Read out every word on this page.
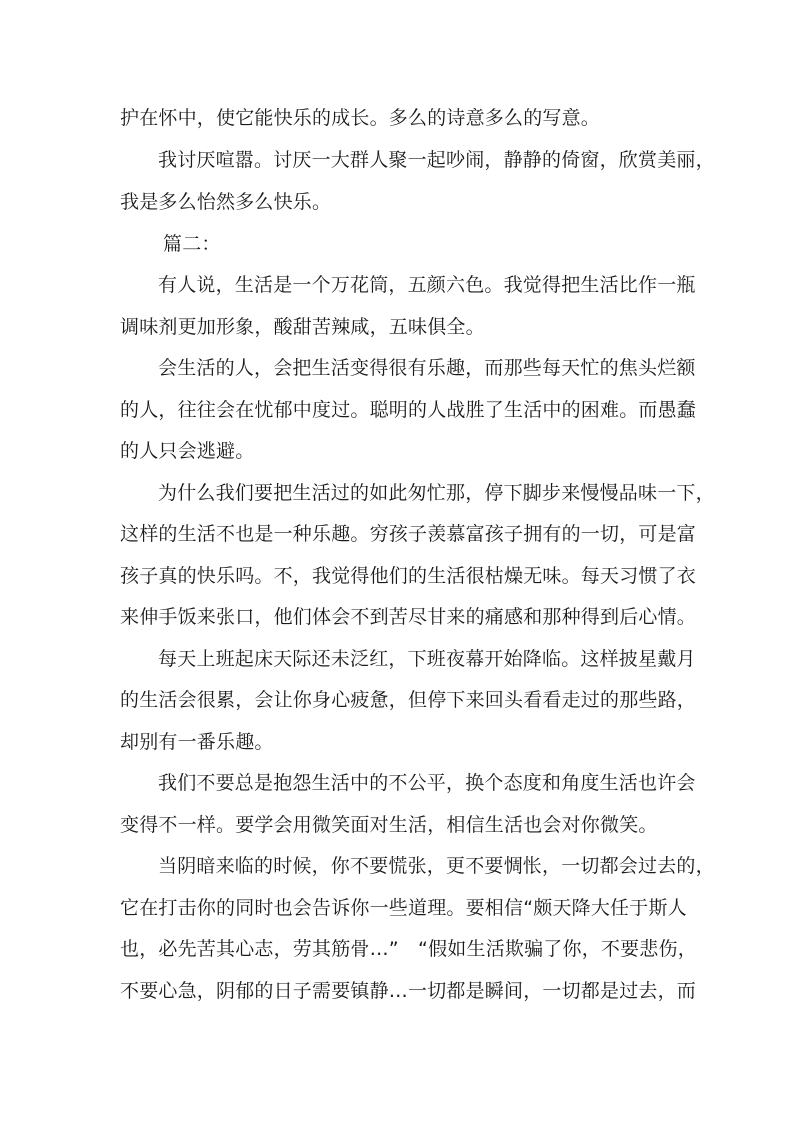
护在怀中，使它能快乐的成长。多么的诗意多么的写意。
我讨厌喧嚣。讨厌一大群人聚一起吵闹，静静的倚窗，欣赏美丽，
我是多么怡然多么快乐。
篇二：
有人说，生活是一个万花筒，五颜六色。我觉得把生活比作一瓶
调味剂更加形象，酸甜苦辣咸，五味俱全。
会生活的人，会把生活变得很有乐趣，而那些每天忙的焦头烂额
的人，往往会在忧郁中度过。聪明的人战胜了生活中的困难。而愚蠢
的人只会逃避。
为什么我们要把生活过的如此匆忙那，停下脚步来慢慢品味一下，
这样的生活不也是一种乐趣。穷孩子羡慕富孩子拥有的一切，可是富
孩子真的快乐吗。不，我觉得他们的生活很枯燥无味。每天习惯了衣
来伸手饭来张口，他们体会不到苦尽甘来的痛感和那种得到后心情。
每天上班起床天际还未泛红，下班夜幕开始降临。这样披星戴月
的生活会很累，会让你身心疲惫，但停下来回头看看走过的那些路，
却别有一番乐趣。
我们不要总是抱怨生活中的不公平，换个态度和角度生活也许会
变得不一样。要学会用微笑面对生活，相信生活也会对你微笑。
当阴暗来临的时候，你不要慌张，更不要惆怅，一切都会过去的，
它在打击你的同时也会告诉你一些道理。要相信“颇天降大任于斯人
也，必先苦其心志，劳其筋骨…”　“假如生活欺骗了你，不要悲伤，
不要心急，阴郁的日子需要镇静…一切都是瞬间，一切都是过去，而
